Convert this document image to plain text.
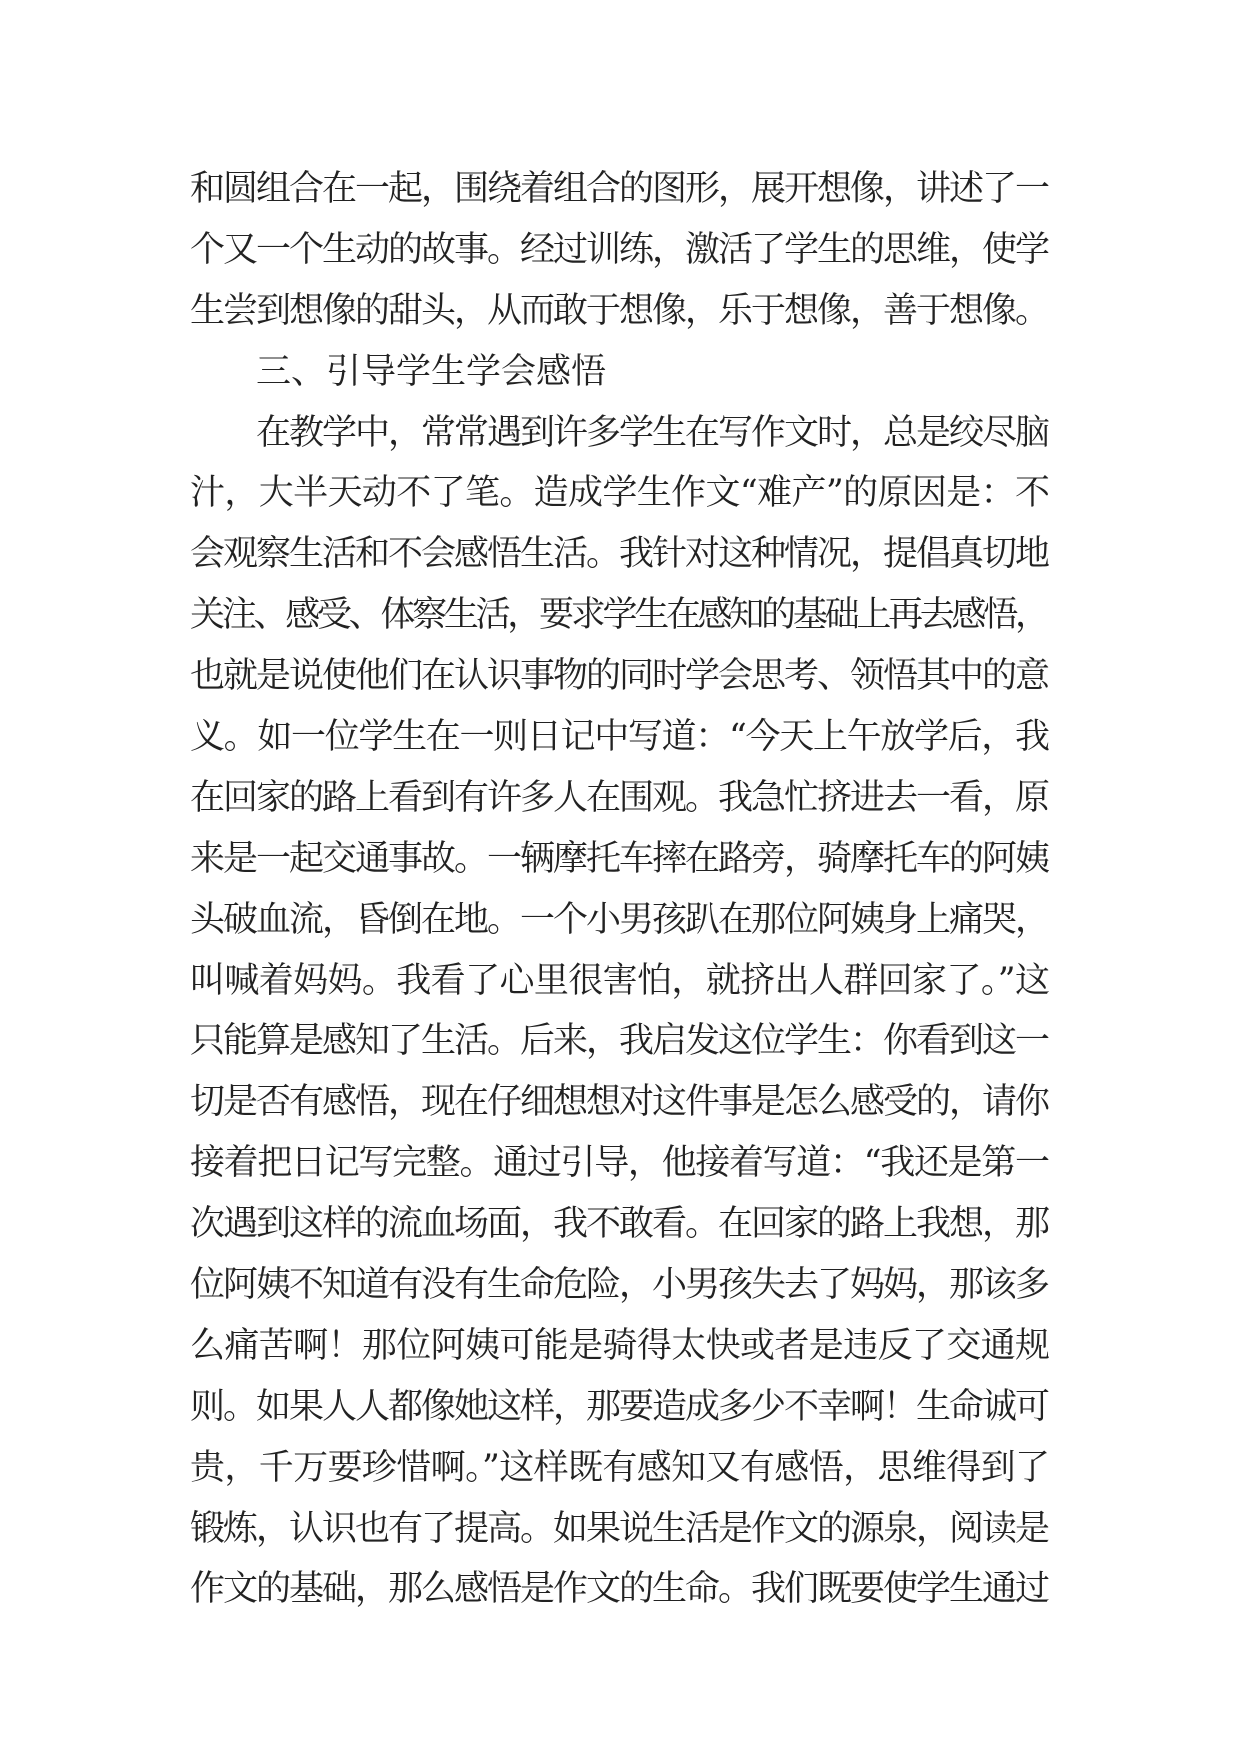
和圆组合在一起，围绕着组合的图形，展开想像，讲述了一
个又一个生动的故事。经过训练，激活了学生的思维，使学
生尝到想像的甜头，从而敢于想像，乐于想像，善于想像。
三、引导学生学会感悟
在教学中，常常遇到许多学生在写作文时，总是绞尽脑
汁，大半天动不了笔。造成学生作文“难产”的原因是：不
会观察生活和不会感悟生活。我针对这种情况，提倡真切地
关注、感受、体察生活，要求学生在感知的基础上再去感悟，
也就是说使他们在认识事物的同时学会思考、领悟其中的意
义。如一位学生在一则日记中写道：“今天上午放学后，我
在回家的路上看到有许多人在围观。我急忙挤进去一看，原
来是一起交通事故。一辆摩托车摔在路旁，骑摩托车的阿姨
头破血流，昏倒在地。一个小男孩趴在那位阿姨身上痛哭，
叫喊着妈妈。我看了心里很害怕，就挤出人群回家了。”这
只能算是感知了生活。后来，我启发这位学生：你看到这一
切是否有感悟，现在仔细想想对这件事是怎么感受的，请你
接着把日记写完整。通过引导，他接着写道：“我还是第一
次遇到这样的流血场面，我不敢看。在回家的路上我想，那
位阿姨不知道有没有生命危险，小男孩失去了妈妈，那该多
么痛苦啊！那位阿姨可能是骑得太快或者是违反了交通规
则。如果人人都像她这样，那要造成多少不幸啊！生命诚可
贵，千万要珍惜啊。”这样既有感知又有感悟，思维得到了
锻炼，认识也有了提高。如果说生活是作文的源泉，阅读是
作文的基础，那么感悟是作文的生命。我们既要使学生通过
